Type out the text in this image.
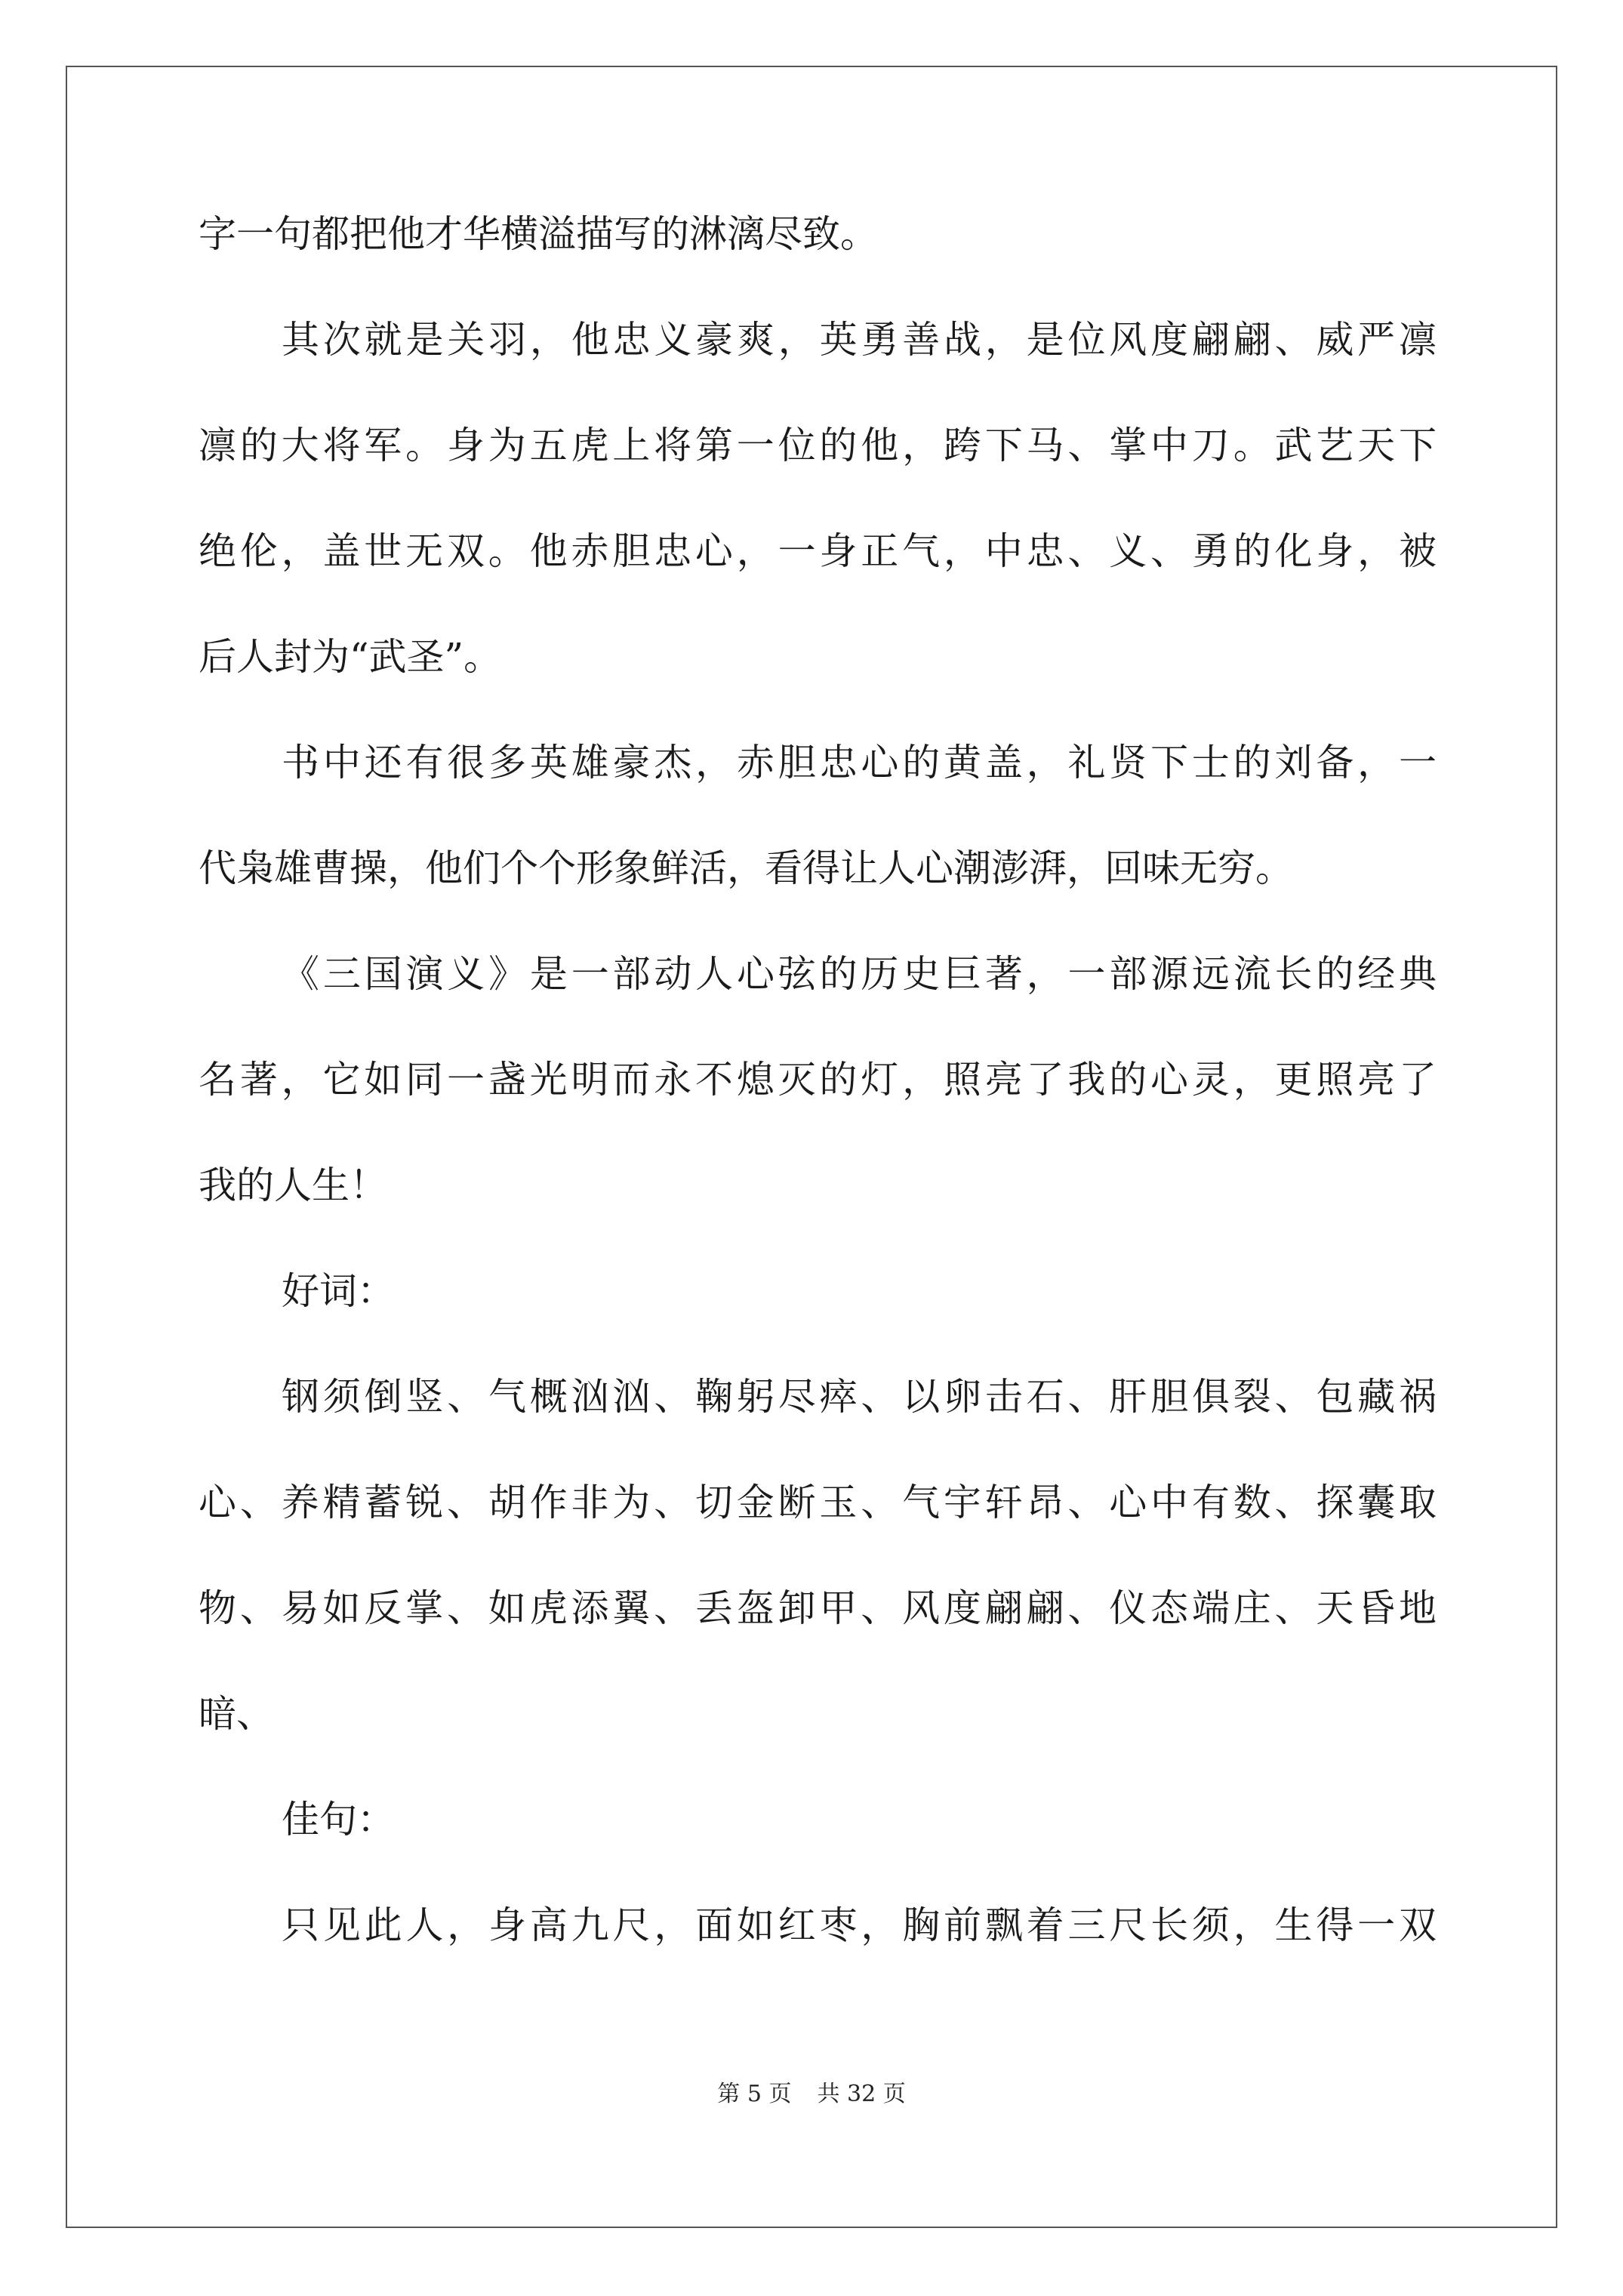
字一句都把他才华横溢描写的淋漓尽致。
其次就是关羽，他忠义豪爽，英勇善战，是位风度翩翩、威严凛
凛的大将军。身为五虎上将第一位的他，跨下马、掌中刀。武艺天下
绝伦，盖世无双。他赤胆忠心，一身正气，中忠、义、勇的化身，被
后人封为“武圣”。
书中还有很多英雄豪杰，赤胆忠心的黄盖，礼贤下士的刘备，一
代枭雄曹操，他们个个形象鲜活，看得让人心潮澎湃，回味无穷。
《三国演义》是一部动人心弦的历史巨著，一部源远流长的经典
名著，它如同一盏光明而永不熄灭的灯，照亮了我的心灵，更照亮了
我的人生！
好词：
钢须倒竖、气概汹汹、鞠躬尽瘁、以卵击石、肝胆俱裂、包藏祸
心、养精蓄锐、胡作非为、切金断玉、气宇轩昂、心中有数、探囊取
物、易如反掌、如虎添翼、丢盔卸甲、风度翩翩、仪态端庄、天昏地
暗、
佳句：
只见此人，身高九尺，面如红枣，胸前飘着三尺长须，生得一双
第 5 页 共 32 页
